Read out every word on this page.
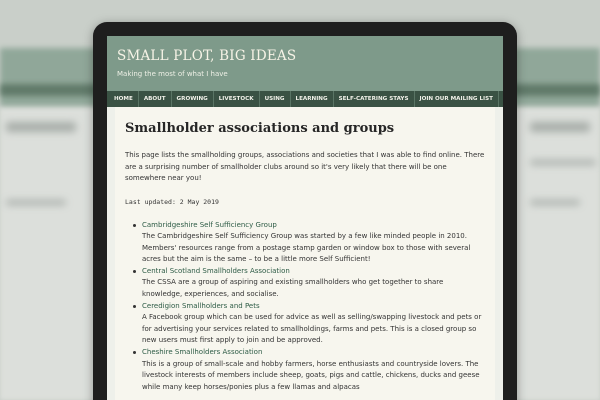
SMALL PLOT, BIG IDEAS
Making the most of what I have
HOME	ABOUT	GROWING	LIVESTOCK	USING	LEARNING	SELF-CATERING STAYS	JOIN OUR MAILING LIST
Smallholder associations and groups

This page lists the smallholding groups, associations and societies that I was able to find online. There are a surprising number of smallholder clubs around so it's very likely that there will be one somewhere near you!

Last updated: 2 May 2019

Cambridgeshire Self Sufficiency Group
The Cambridgeshire Self Sufficiency Group was started by a few like minded people in 2010. Members' resources range from a postage stamp garden or window box to those with several acres but the aim is the same – to be a little more Self Sufficient!
Central Scotland Smallholders Association
The CSSA are a group of aspiring and existing smallholders who get together to share knowledge, experiences, and socialise.
Ceredigion Smallholders and Pets
A Facebook group which can be used for advice as well as selling/swapping livestock and pets or for advertising your services related to smallholdings, farms and pets. This is a closed group so new users must first apply to join and be approved.
Cheshire Smallholders Association
This is a group of small-scale and hobby farmers, horse enthusiasts and countryside lovers. The livestock interests of members include sheep, goats, pigs and cattle, chickens, ducks and geese while many keep horses/ponies plus a few llamas and alpacas
